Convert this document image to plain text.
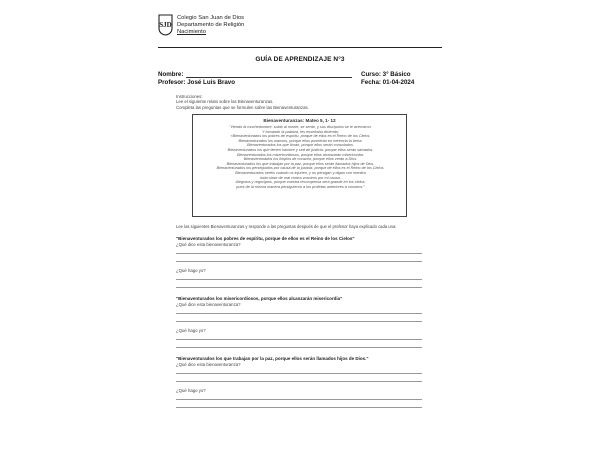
SJD
Colegio San Juan de Dios
Departamento de Religión
Nacimiento
GUÍA DE APRENDIZAJE N°3
Nombre:	Curso: 3° Básico
Profesor: José Luis Bravo	Fecha: 01-04-2024
Instrucciones:
Lee el siguiente relato sobre las Bienaventuranzas.
Completa las preguntas que se formulen sobre las Bienaventuranzas.
Bienaventuranzas: Mateo 5, 1- 12
"Viendo la muchedumbre, subió al monte, se sentó, y sus discípulos se le acercaron.
Y tomando la palabra, les enseñaba diciendo:
«Bienaventurados los pobres de espíritu, porque de ellos es el Reino de los Cielos.
Bienaventurados los mansos, porque ellos poseerán en herencia la tierra.
Bienaventurados los que lloran, porque ellos serán consolados.
Bienaventurados los que tienen hambre y sed de justicia, porque ellos serán saciados.
Bienaventurados los misericordiosos, porque ellos alcanzarán misericordia.
Bienaventurados los limpios de corazón, porque ellos verán a Dios.
Bienaventurados los que trabajan por la paz, porque ellos serán llamados hijos de Dios.
Bienaventurados los perseguidos por causa de la justicia, porque de ellos es el Reino de los Cielos.
Bienaventurados seréis cuando os injurien, y os persigan y digan con mentira
toda clase de mal contra vosotros por mi causa.
Alegraos y regocijaos, porque vuestra recompensa será grande en los cielos;
pues de la misma manera persiguieron a los profetas anteriores a vosotros."
Lee las siguientes Bienaventuranzas y responde a las preguntas después de que el profesor haya explicado cada una:
"Bienaventurados los pobres de espíritu, porque de ellos es el Reino de los Cielos"
¿Qué dice esta bienaventuranza?
¿Qué hago yo?
"Bienaventurados los misericordiosos, porque ellos alcanzarán misericordia"
¿Qué dice esta bienaventuranza?
¿Qué hago yo?
"Bienaventurados los que trabajan por la paz, porque ellos serán llamados hijos de Dios."
¿Qué dice esta bienaventuranza?
¿Qué hago yo?
